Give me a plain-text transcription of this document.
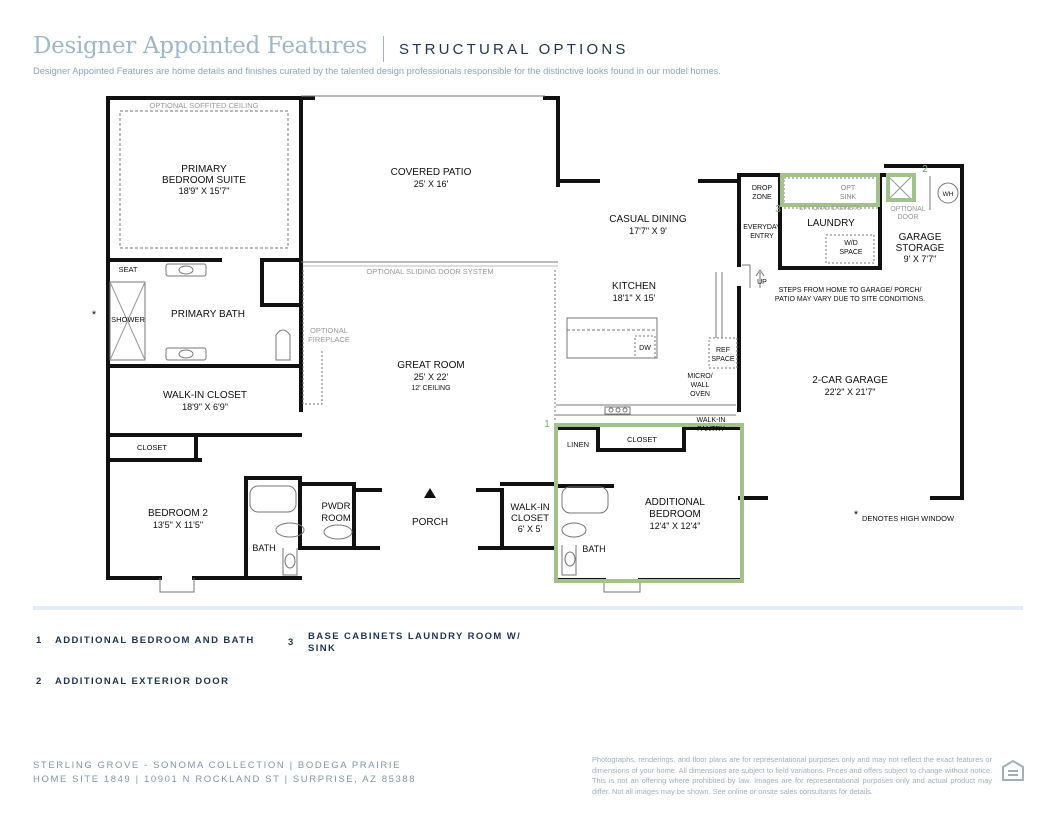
Designer Appointed Features STRUCTURAL OPTIONS
Designer Appointed Features are home details and finishes curated by the talented design professionals responsible for the distinctive looks found in our model homes.
OPTIONAL SOFFITED CEILING
PRIMARY
BEDROOM SUITE
18'9" X 15'7"
COVERED PATIO
25' X 16'
OPTIONAL SLIDING DOOR SYSTEM
CASUAL DINING
17'7" X 9'
KITCHEN
18'1" X 15'
DW	REF
SPACE
MICRO/
WALL
OVEN
WALK-IN
PANTRY
DROP
ZONE
EVERYDAY
ENTRY
LAUNDRY
OPT
SINK
OPTIONAL CABINETS
W/D
SPACE
OPTIONAL
DOOR
WH
GARAGE
STORAGE
9' X 7'7"
UP
STEPS FROM HOME TO GARAGE/ PORCH/
PATIO MAY VARY DUE TO SITE CONDITIONS.
2-CAR GARAGE
22'2" X 21'7"
* DENOTES HIGH WINDOW
SEAT
SHOWER
*	PRIMARY BATH
OPTIONAL
FIREPLACE
GREAT ROOM
25' X 22'
12' CEILING
WALK-IN CLOSET
18'9" X 6'9"
CLOSET
BEDROOM 2
13'5" X 11'5"
BATH
PWDR
ROOM	PORCH
WALK-IN
CLOSET
6' X 5'
LINEN
CLOSET
ADDITIONAL
BEDROOM
12'4" X 12'4"
BATH
1
2
3
1 ADDITIONAL BEDROOM AND BATH
2 ADDITIONAL EXTERIOR DOOR
3
BASE CABINETS LAUNDRY ROOM W/
SINK
STERLING GROVE - SONOMA COLLECTION | BODEGA PRAIRIE
HOME SITE 1849 | 10901 N ROCKLAND ST | SURPRISE, AZ 85388
Photographs, renderings, and floor plans are for representational purposes only and may not reflect the exact features or dimensions of your home. All dimensions are subject to field variations. Prices and offers subject to change without notice. This is not an offering where prohibited by law. Images are for representational purposes only and actual product may differ. Not all images may be shown. See online or onsite sales consultants for details.
